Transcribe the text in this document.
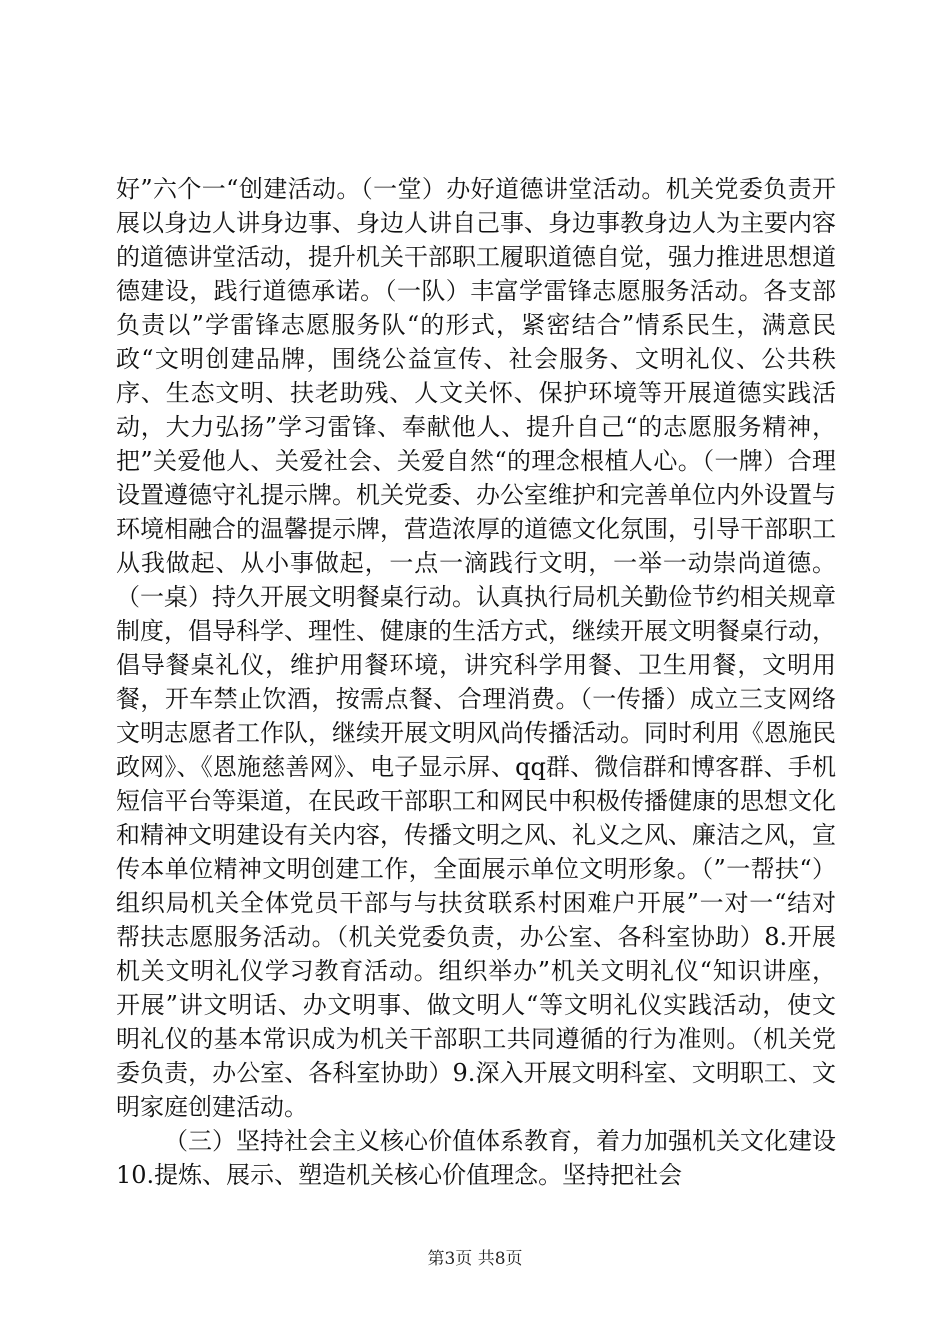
好”六个一“创建活动。（一堂）办好道德讲堂活动。机关党委负责开展以身边人讲身边事、身边人讲自己事、身边事教身边人为主要内容的道德讲堂活动，提升机关干部职工履职道德自觉，强力推进思想道德建设，践行道德承诺。（一队）丰富学雷锋志愿服务活动。各支部负责以”学雷锋志愿服务队“的形式，紧密结合”情系民生，满意民政“文明创建品牌，围绕公益宣传、社会服务、文明礼仪、公共秩序、生态文明、扶老助残、人文关怀、保护环境等开展道德实践活动，大力弘扬”学习雷锋、奉献他人、提升自己“的志愿服务精神，把”关爱他人、关爱社会、关爱自然“的理念根植人心。（一牌）合理设置遵德守礼提示牌。机关党委、办公室维护和完善单位内外设置与环境相融合的温馨提示牌，营造浓厚的道德文化氛围，引导干部职工从我做起、从小事做起，一点一滴践行文明，一举一动崇尚道德。（一桌）持久开展文明餐桌行动。认真执行局机关勤俭节约相关规章制度，倡导科学、理性、健康的生活方式，继续开展文明餐桌行动，倡导餐桌礼仪，维护用餐环境，讲究科学用餐、卫生用餐，文明用餐，开车禁止饮酒，按需点餐、合理消费。（一传播）成立三支网络文明志愿者工作队，继续开展文明风尚传播活动。同时利用《恩施民政网》、《恩施慈善网》、电子显示屏、qq群、微信群和博客群、手机短信平台等渠道，在民政干部职工和网民中积极传播健康的思想文化和精神文明建设有关内容，传播文明之风、礼义之风、廉洁之风，宣传本单位精神文明创建工作，全面展示单位文明形象。（”一帮扶“）组织局机关全体党员干部与与扶贫联系村困难户开展”一对一“结对帮扶志愿服务活动。（机关党委负责，办公室、各科室协助）8.开展机关文明礼仪学习教育活动。组织举办”机关文明礼仪“知识讲座，开展”讲文明话、办文明事、做文明人“等文明礼仪实践活动，使文明礼仪的基本常识成为机关干部职工共同遵循的行为准则。（机关党委负责，办公室、各科室协助）9.深入开展文明科室、文明职工、文明家庭创建活动。

（三）坚持社会主义核心价值体系教育，着力加强机关文化建设10.提炼、展示、塑造机关核心价值理念。坚持把社会

第3页 共8页
